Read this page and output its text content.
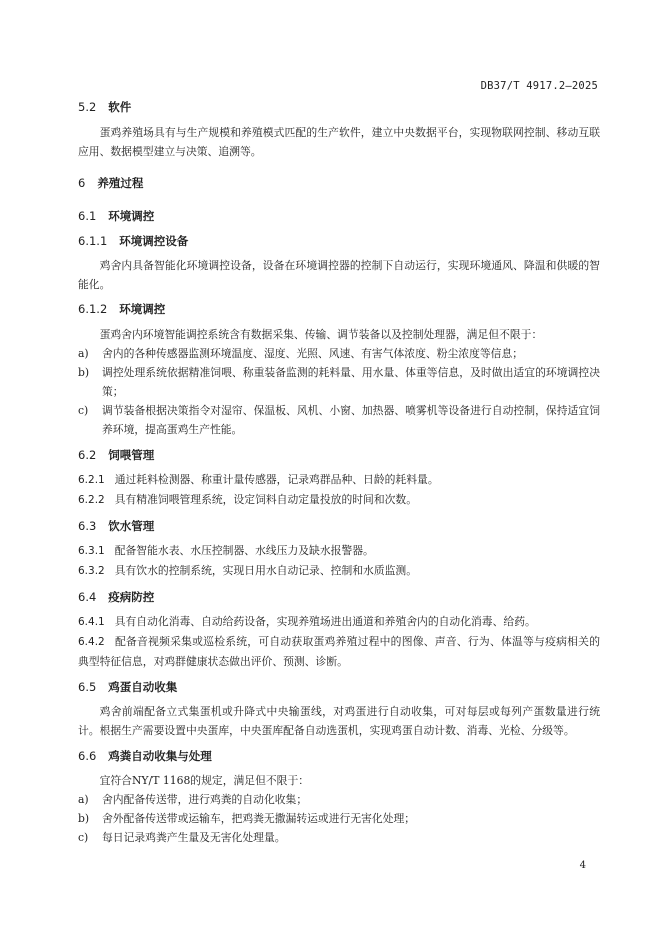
DB37/T 4917.2—2025
5.2 软件
蛋鸡养殖场具有与生产规模和养殖模式匹配的生产软件，建立中央数据平台，实现物联网控制、移动互联应用、数据模型建立与决策、追溯等。
6 养殖过程
6.1 环境调控
6.1.1 环境调控设备
鸡舍内具备智能化环境调控设备，设备在环境调控器的控制下自动运行，实现环境通风、降温和供暖的智能化。
6.1.2 环境调控
蛋鸡舍内环境智能调控系统含有数据采集、传输、调节装备以及控制处理器，满足但不限于：
a)	舍内的各种传感器监测环境温度、湿度、光照、风速、有害气体浓度、粉尘浓度等信息；
b)	调控处理系统依据精准饲喂、称重装备监测的耗料量、用水量、体重等信息，及时做出适宜的环境调控决策；
c)	调节装备根据决策指令对湿帘、保温板、风机、小窗、加热器、喷雾机等设备进行自动控制，保持适宜饲养环境，提高蛋鸡生产性能。
6.2 饲喂管理
6.2.1 通过耗料检测器、称重计量传感器，记录鸡群品种、日龄的耗料量。
6.2.2 具有精准饲喂管理系统，设定饲料自动定量投放的时间和次数。
6.3 饮水管理
6.3.1 配备智能水表、水压控制器、水线压力及缺水报警器。
6.3.2 具有饮水的控制系统，实现日用水自动记录、控制和水质监测。
6.4 疫病防控
6.4.1 具有自动化消毒、自动给药设备，实现养殖场进出通道和养殖舍内的自动化消毒、给药。
6.4.2 配备音视频采集或巡检系统，可自动获取蛋鸡养殖过程中的图像、声音、行为、体温等与疫病相关的典型特征信息，对鸡群健康状态做出评价、预测、诊断。
6.5 鸡蛋自动收集
鸡舍前端配备立式集蛋机或升降式中央输蛋线，对鸡蛋进行自动收集，可对每层或每列产蛋数量进行统计。根据生产需要设置中央蛋库，中央蛋库配备自动选蛋机，实现鸡蛋自动计数、消毒、光检、分级等。
6.6 鸡粪自动收集与处理
宜符合NY/T 1168的规定，满足但不限于：
a)	舍内配备传送带，进行鸡粪的自动化收集；
b)	舍外配备传送带或运输车，把鸡粪无撒漏转运或进行无害化处理；
c)	每日记录鸡粪产生量及无害化处理量。
4
